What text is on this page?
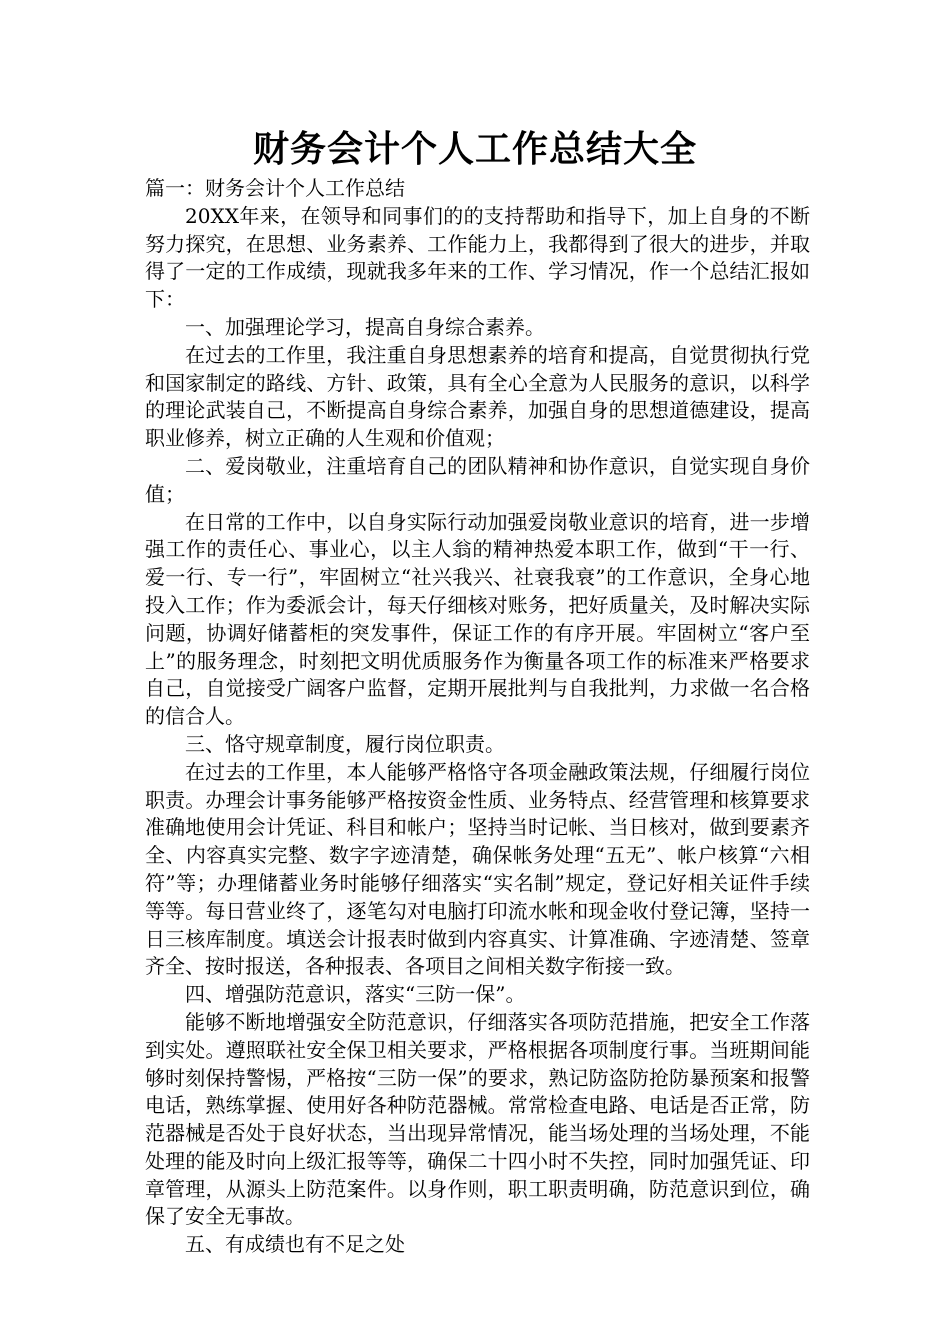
财务会计个人工作总结大全

篇一：财务会计个人工作总结

20XX年来，在领导和同事们的的支持帮助和指导下，加上自身的不断努力探究，在思想、业务素养、工作能力上，我都得到了很大的进步，并取得了一定的工作成绩，现就我多年来的工作、学习情况，作一个总结汇报如下：

一、加强理论学习，提高自身综合素养。

在过去的工作里，我注重自身思想素养的培育和提高，自觉贯彻执行党和国家制定的路线、方针、政策，具有全心全意为人民服务的意识，以科学的理论武装自己，不断提高自身综合素养，加强自身的思想道德建设，提高职业修养，树立正确的人生观和价值观；

二、爱岗敬业，注重培育自己的团队精神和协作意识，自觉实现自身价值；

在日常的工作中，以自身实际行动加强爱岗敬业意识的培育，进一步增强工作的责任心、事业心，以主人翁的精神热爱本职工作，做到“干一行、爱一行、专一行”，牢固树立“社兴我兴、社衰我衰”的工作意识，全身心地投入工作；作为委派会计，每天仔细核对账务，把好质量关，及时解决实际问题，协调好储蓄柜的突发事件，保证工作的有序开展。牢固树立“客户至上”的服务理念，时刻把文明优质服务作为衡量各项工作的标准来严格要求自己，自觉接受广阔客户监督，定期开展批判与自我批判，力求做一名合格的信合人。

三、恪守规章制度，履行岗位职责。

在过去的工作里，本人能够严格恪守各项金融政策法规，仔细履行岗位职责。办理会计事务能够严格按资金性质、业务特点、经营管理和核算要求准确地使用会计凭证、科目和帐户；坚持当时记帐、当日核对，做到要素齐全、内容真实完整、数字字迹清楚，确保帐务处理“五无”、帐户核算“六相符”等；办理储蓄业务时能够仔细落实“实名制”规定，登记好相关证件手续等等。每日营业终了，逐笔勾对电脑打印流水帐和现金收付登记簿，坚持一日三核库制度。填送会计报表时做到内容真实、计算准确、字迹清楚、签章齐全、按时报送，各种报表、各项目之间相关数字衔接一致。

四、增强防范意识，落实“三防一保”。

能够不断地增强安全防范意识，仔细落实各项防范措施，把安全工作落到实处。遵照联社安全保卫相关要求，严格根据各项制度行事。当班期间能够时刻保持警惕，严格按“三防一保”的要求，熟记防盗防抢防暴预案和报警电话，熟练掌握、使用好各种防范器械。常常检查电路、电话是否正常，防范器械是否处于良好状态，当出现异常情况，能当场处理的当场处理，不能处理的能及时向上级汇报等等，确保二十四小时不失控，同时加强凭证、印章管理，从源头上防范案件。以身作则，职工职责明确，防范意识到位，确保了安全无事故。

五、有成绩也有不足之处
